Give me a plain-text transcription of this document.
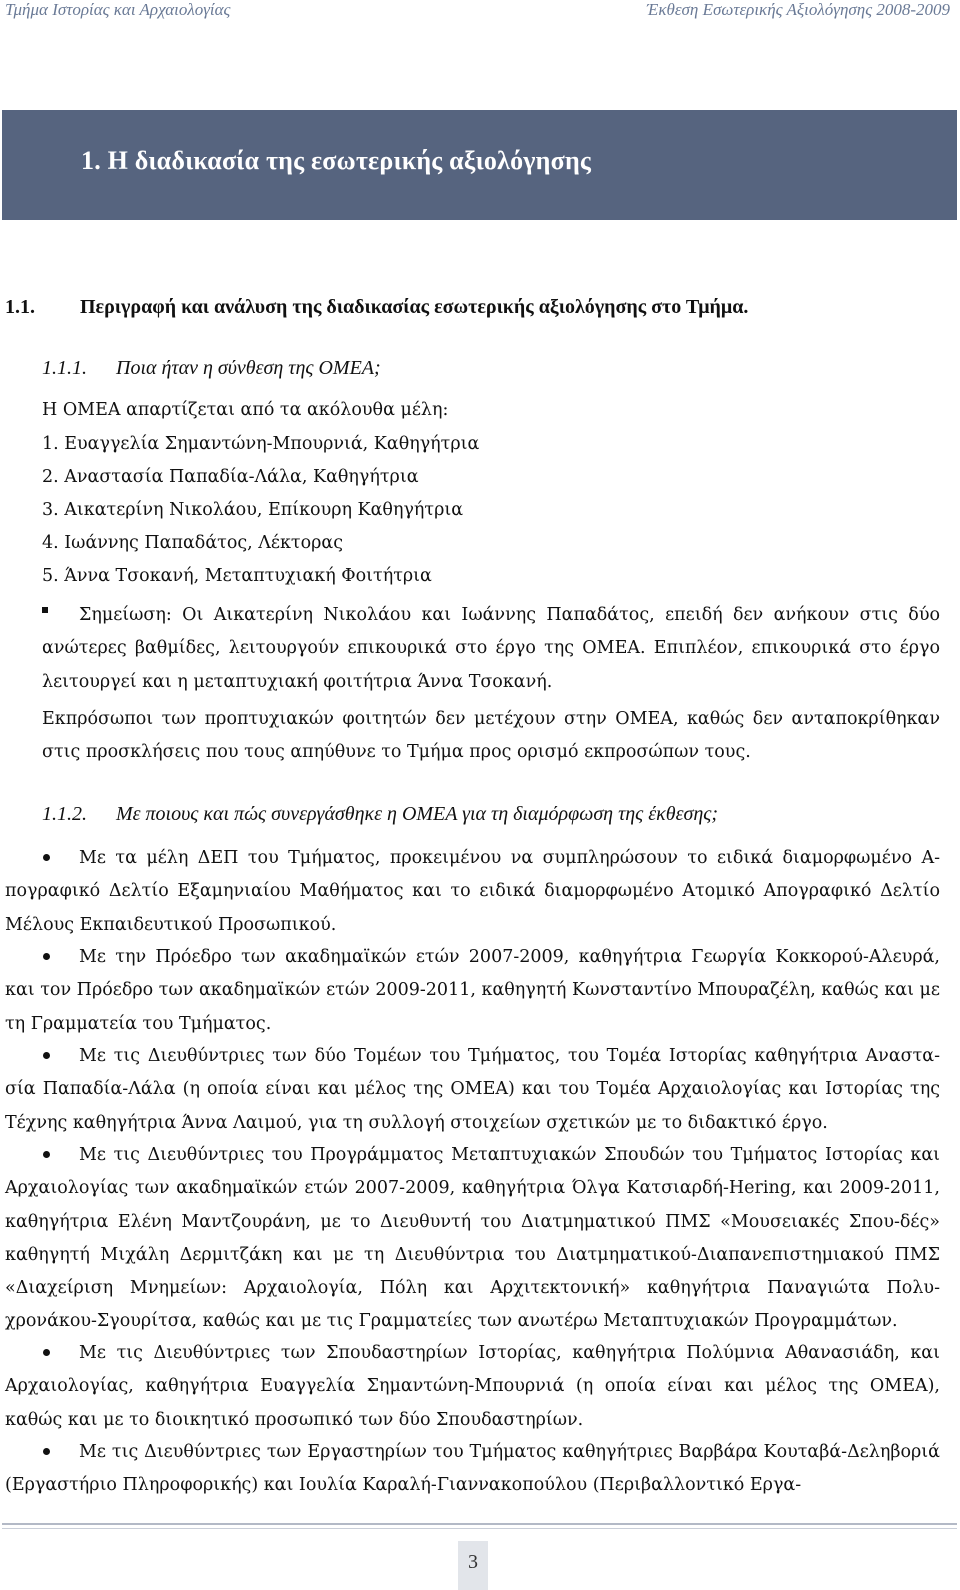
Τμήμα Ιστορίας και Αρχαιολογίας	Έκθεση Εσωτερικής Αξιολόγησης 2008-2009
1. Η διαδικασία της εσωτερικής αξιολόγησης
1.1. Περιγραφή και ανάλυση της διαδικασίας εσωτερικής αξιολόγησης στο Τμήμα.
1.1.1. Ποια ήταν η σύνθεση της ΟΜΕΑ;
Η ΟΜΕΑ απαρτίζεται από τα ακόλουθα μέλη:
1. Ευαγγελία Σημαντώνη-Μπουρνιά, Καθηγήτρια
2. Αναστασία Παπαδία-Λάλα, Καθηγήτρια
3. Αικατερίνη Νικολάου, Επίκουρη Καθηγήτρια
4. Ιωάννης Παπαδάτος, Λέκτορας
5. Άννα Τσοκανή, Μεταπτυχιακή Φοιτήτρια
Σημείωση: Οι Αικατερίνη Νικολάου και Ιωάννης Παπαδάτος, επειδή δεν ανήκουν στις δύο ανώτερες βαθμίδες, λειτουργούν επικουρικά στο έργο της ΟΜΕΑ. Επιπλέον, επικουρικά στο έργο λειτουργεί και η μεταπτυχιακή φοιτήτρια Άννα Τσοκανή.
Εκπρόσωποι των προπτυχιακών φοιτητών δεν μετέχουν στην ΟΜΕΑ, καθώς δεν ανταποκρίθηκαν στις προσκλήσεις που τους απηύθυνε το Τμήμα προς ορισμό εκπροσώπων τους.
1.1.2. Με ποιους και πώς συνεργάσθηκε η ΟΜΕΑ για τη διαμόρφωση της έκθεσης;
Με τα μέλη ΔΕΠ του Τμήματος, προκειμένου να συμπληρώσουν το ειδικά διαμορφωμένο Α-πογραφικό Δελτίο Εξαμηνιαίου Μαθήματος και το ειδικά διαμορφωμένο Ατομικό Απογραφικό Δελτίο Μέλους Εκπαιδευτικού Προσωπικού.
Με την Πρόεδρο των ακαδημαϊκών ετών 2007-2009, καθηγήτρια Γεωργία Κοκκορού-Αλευρά, και τον Πρόεδρο των ακαδημαϊκών ετών 2009-2011, καθηγητή Κωνσταντίνο Μπουραζέλη, καθώς και με τη Γραμματεία του Τμήματος.
Με τις Διευθύντριες των δύο Τομέων του Τμήματος, του Τομέα Ιστορίας καθηγήτρια Αναστα-σία Παπαδία-Λάλα (η οποία είναι και μέλος της ΟΜΕΑ) και του Τομέα Αρχαιολογίας και Ιστορίας της Τέχνης καθηγήτρια Άννα Λαιμού, για τη συλλογή στοιχείων σχετικών με το διδακτικό έργο.
Με τις Διευθύντριες του Προγράμματος Μεταπτυχιακών Σπουδών του Τμήματος Ιστορίας και Αρχαιολογίας των ακαδημαϊκών ετών 2007-2009, καθηγήτρια Όλγα Κατσιαρδή-Hering, και 2009-2011, καθηγήτρια Ελένη Μαντζουράνη, με το Διευθυντή του Διατμηματικού ΠΜΣ «Μουσειακές Σπου-δές» καθηγητή Μιχάλη Δερμιτζάκη και με τη Διευθύντρια του Διατμηματικού-Διαπανεπιστημιακού ΠΜΣ «Διαχείριση Μνημείων: Αρχαιολογία, Πόλη και Αρχιτεκτονική» καθηγήτρια Παναγιώτα Πολυ-χρονάκου-Σγουρίτσα, καθώς και με τις Γραμματείες των ανωτέρω Μεταπτυχιακών Προγραμμάτων.
Με τις Διευθύντριες των Σπουδαστηρίων Ιστορίας, καθηγήτρια Πολύμνια Αθανασιάδη, και Αρχαιολογίας, καθηγήτρια Ευαγγελία Σημαντώνη-Μπουρνιά (η οποία είναι και μέλος της ΟΜΕΑ), καθώς και με το διοικητικό προσωπικό των δύο Σπουδαστηρίων.
Με τις Διευθύντριες των Εργαστηρίων του Τμήματος καθηγήτριες Βαρβάρα Κουταβά-Δεληβοριά (Εργαστήριο Πληροφορικής) και Ιουλία Καραλή-Γιαννακοπούλου (Περιβαλλοντικό Εργα-
3
